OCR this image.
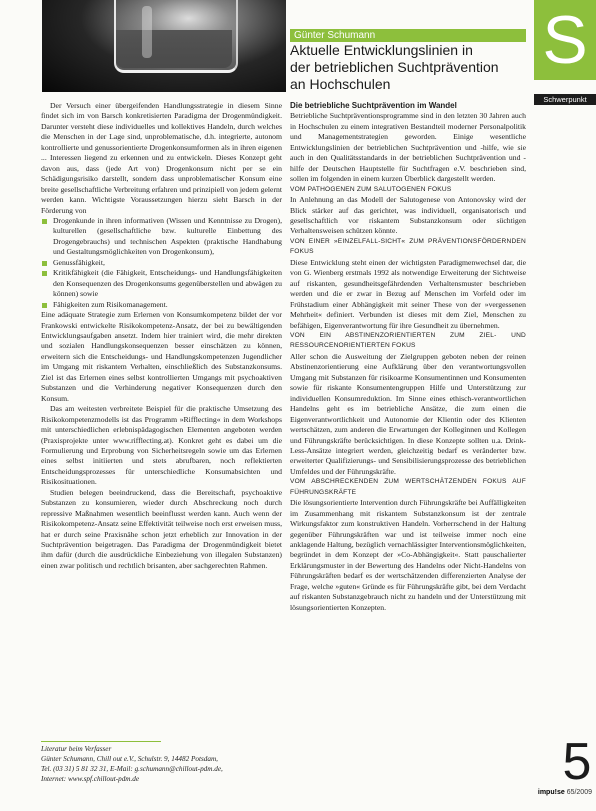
Günter Schumann
Aktuelle Entwicklungslinien in
der betrieblichen Suchtprävention
an Hochschulen
S
Schwerpunkt

Der Versuch einer übergeifenden Handlungsstrategie in diesem Sinne findet sich im von Barsch konkretisierten Paradigma der Drogenmündigkeit. Darunter versteht diese individuelles und kollektives Handeln, durch welches die Menschen in der Lage sind, unproblematische, d.h. integrierte, autonom kontrollierte und genussorientierte Drogenkonsumformen als in ihren eigenen ... Interessen liegend zu erkennen und zu entwickeln. Dieses Konzept geht davon aus, dass (jede Art von) Drogenkonsum nicht per se ein Schädigungsrisiko darstellt, sondern dass unproblematischer Konsum eine breite gesellschaftliche Verbreitung erfahren und prinzipiell von jedem gelernt werden kann. Wichtigste Voraussetzungen hierzu sieht Barsch in der Förderung von

Drogenkunde in ihren informativen (Wissen und Kenntnisse zu Drogen), kulturellen (gesellschaftliche bzw. kulturelle Einbettung des Drogengebrauchs) und technischen Aspekten (praktische Handhabung und Gestaltungsmöglichkeiten von Drogenkonsum),
Genussfähigkeit,
Kritikfähigkeit (die Fähigkeit, Entscheidungs- und Handlungsfähigkeiten den Konsequenzen des Drogenkonsums gegenüberstellen und abwägen zu können) sowie
Fähigkeiten zum Risikomanagement.

Eine adäquate Strategie zum Erlernen von Konsumkompetenz bildet der vor Frankowski entwickelte Risikokompetenz-Ansatz, der bei zu bewältigenden Entwicklungsaufgaben ansetzt. Indem hier trainiert wird, die mehr direkten und sozialen Handlungskonsequenzen besser einschätzen zu können, erweitern sich die Entscheidungs- und Handlungskompetenzen Jugendlicher im Umgang mit riskantem Verhalten, einschließlich des Substanzkonsums. Ziel ist das Erlernen eines selbst kontrollierten Umgangs mit psychoaktiven Substanzen und die Verhinderung negativer Konsequenzen durch den Konsum.

Das am weitesten verbreitete Beispiel für die praktische Umsetzung des Risikokompetenzmodells ist das Programm »Rifflecting« in dem Workshops mit unterschiedlichen erlebnispädagogischen Elementen angeboten werden (Praxisprojekte unter www.rifflecting.at). Konkret geht es dabei um die Formulierung und Erprobung von Sicherheitsregeln sowie um das Erlernen eines selbst initiierten und stets abrufbaren, noch reflektierten Entscheidungsprozesses für unterschiedliche Konsumabsichten und Risikosituationen.

Studien belegen beeindruckend, dass die Bereitschaft, psychoaktive Substanzen zu konsumieren, wieder durch Abschreckung noch durch repressive Maßnahmen wesentlich beeinflusst werden kann. Auch wenn der Risikokompetenz-Ansatz seine Effektivität teilweise noch erst erweisen muss, hat er durch seine Praxisnähe schon jetzt erheblich zur Innovation in der Suchtprävention beigetragen. Das Paradigma der Drogenmündigkeit bietet ihm dafür (durch die ausdrückliche Einbeziehung von illegalen Substanzen) einen zwar politisch und rechtlich brisanten, aber sachgerechten Rahmen.

Literatur beim Verfasser
Günter Schumann, Chill out e.V., Schulstr. 9, 14482 Potsdam,
Tel. (03 31) 5 81 32 31, E-Mail: g.schumann@chillout-pdm.de,
Internet: www.spf.chillout-pdm.de
Die betriebliche Suchtprävention im Wandel

Betriebliche Suchtpräventionsprogramme sind in den letzten 30 Jahren auch in Hochschulen zu einem integrativen Bestandteil moderner Personalpolitik und Managementstrategien geworden. Einige wesentliche Entwicklungslinien der betrieblichen Suchtprävention und -hilfe, wie sie auch in den Qualitätsstandards in der betrieblichen Suchtprävention und -hilfe der Deutschen Hauptstelle für Suchtfragen e.V. beschrieben sind, sollen im folgenden in einem kurzen Überblick dargestellt werden.

VOM PATHOGENEN ZUM SALUTOGENEN FOKUS

In Anlehnung an das Modell der Salutogenese von Antonovsky wird der Blick stärker auf das gerichtet, was individuell, organisatorisch und gesellschaftlich vor riskantem Substanzkonsum oder süchtigen Verhaltensweisen schützen könnte.

VON EINER »EINZELFALL-SICHT« ZUM PRÄVENTIONSFÖRDERNDEN FOKUS

Diese Entwicklung steht einen der wichtigsten Paradigmenwechsel dar, die von G. Wienberg erstmals 1992 als notwendige Erweiterung der Sichtweise auf riskanten, gesundheitsgefährdenden Verhaltensmuster beschrieben werden und die er zwar in Bezug auf Menschen im Vorfeld oder im Frühstadium einer Abhängigkeit mit seiner These von der »vergessenen Mehrheit« definiert. Verbunden ist dieses mit dem Ziel, Menschen zu befähigen, Eigenverantwortung für ihre Gesundheit zu übernehmen.

VON EIN ABSTINENZORIENTIERTEN ZUM ZIEL- UND RESSOURCENORIENTIERTEN FOKUS

Aller schon die Ausweitung der Zielgruppen geboten neben der reinen Abstinenzorientierung eine Aufklärung über den verantwortungsvollen Umgang mit Substanzen für risikoarme Konsumentinnen und Konsumenten sowie für riskante Konsumentengruppen Hilfe und Unterstützung zur individuellen Konsumreduktion. Im Sinne eines ethisch-verantwortlichen Handelns geht es im betriebliche Ansätze, die zum einen die Eigenverantwortlichkeit und Autonomie der Klientin oder des Klienten wertschätzen, zum anderen die Erwartungen der Kolleginnen und Kollegen und Führungskräfte berücksichtigen. In diese Konzepte sollten u.a. Drink-Less-Ansätze integriert werden, gleichzeitig bedarf es veränderter bzw. erweiterter Qualifizierungs- und Sensibilisierungsprozesse des betrieblichen Umfeldes und der Führungskräfte.

VOM ABSCHRECKENDEN ZUM WERTSCHÄTZENDEN FOKUS AUF FÜHRUNGSKRÄFTE

Die lösungsorientierte Intervention durch Führungskräfte bei Auffälligkeiten im Zusammenhang mit riskantem Substanzkonsum ist der zentrale Wirkungsfaktor zum konstruktiven Handeln. Vorherrschend in der Haltung gegenüber Führungskräften war und ist teilweise immer noch eine anklagende Haltung, bezüglich vernachlässigter Interventionsmöglichkeiten, begründet in dem Konzept der »Co-Abhängigkeit«. Statt pauschalierter Erklärungsmuster in der Bewertung des Handelns oder Nicht-Handelns von Führungskräften bedarf es der wertschätzenden differenzierten Analyse der Frage, welche »guten« Gründe es für Führungskräfte gibt, bei dem Verdacht auf riskanten Substanzgebrauch nicht zu handeln und der Unterstützung mit lösungsorientierten Konzepten.

5
impu!se 65/2009
